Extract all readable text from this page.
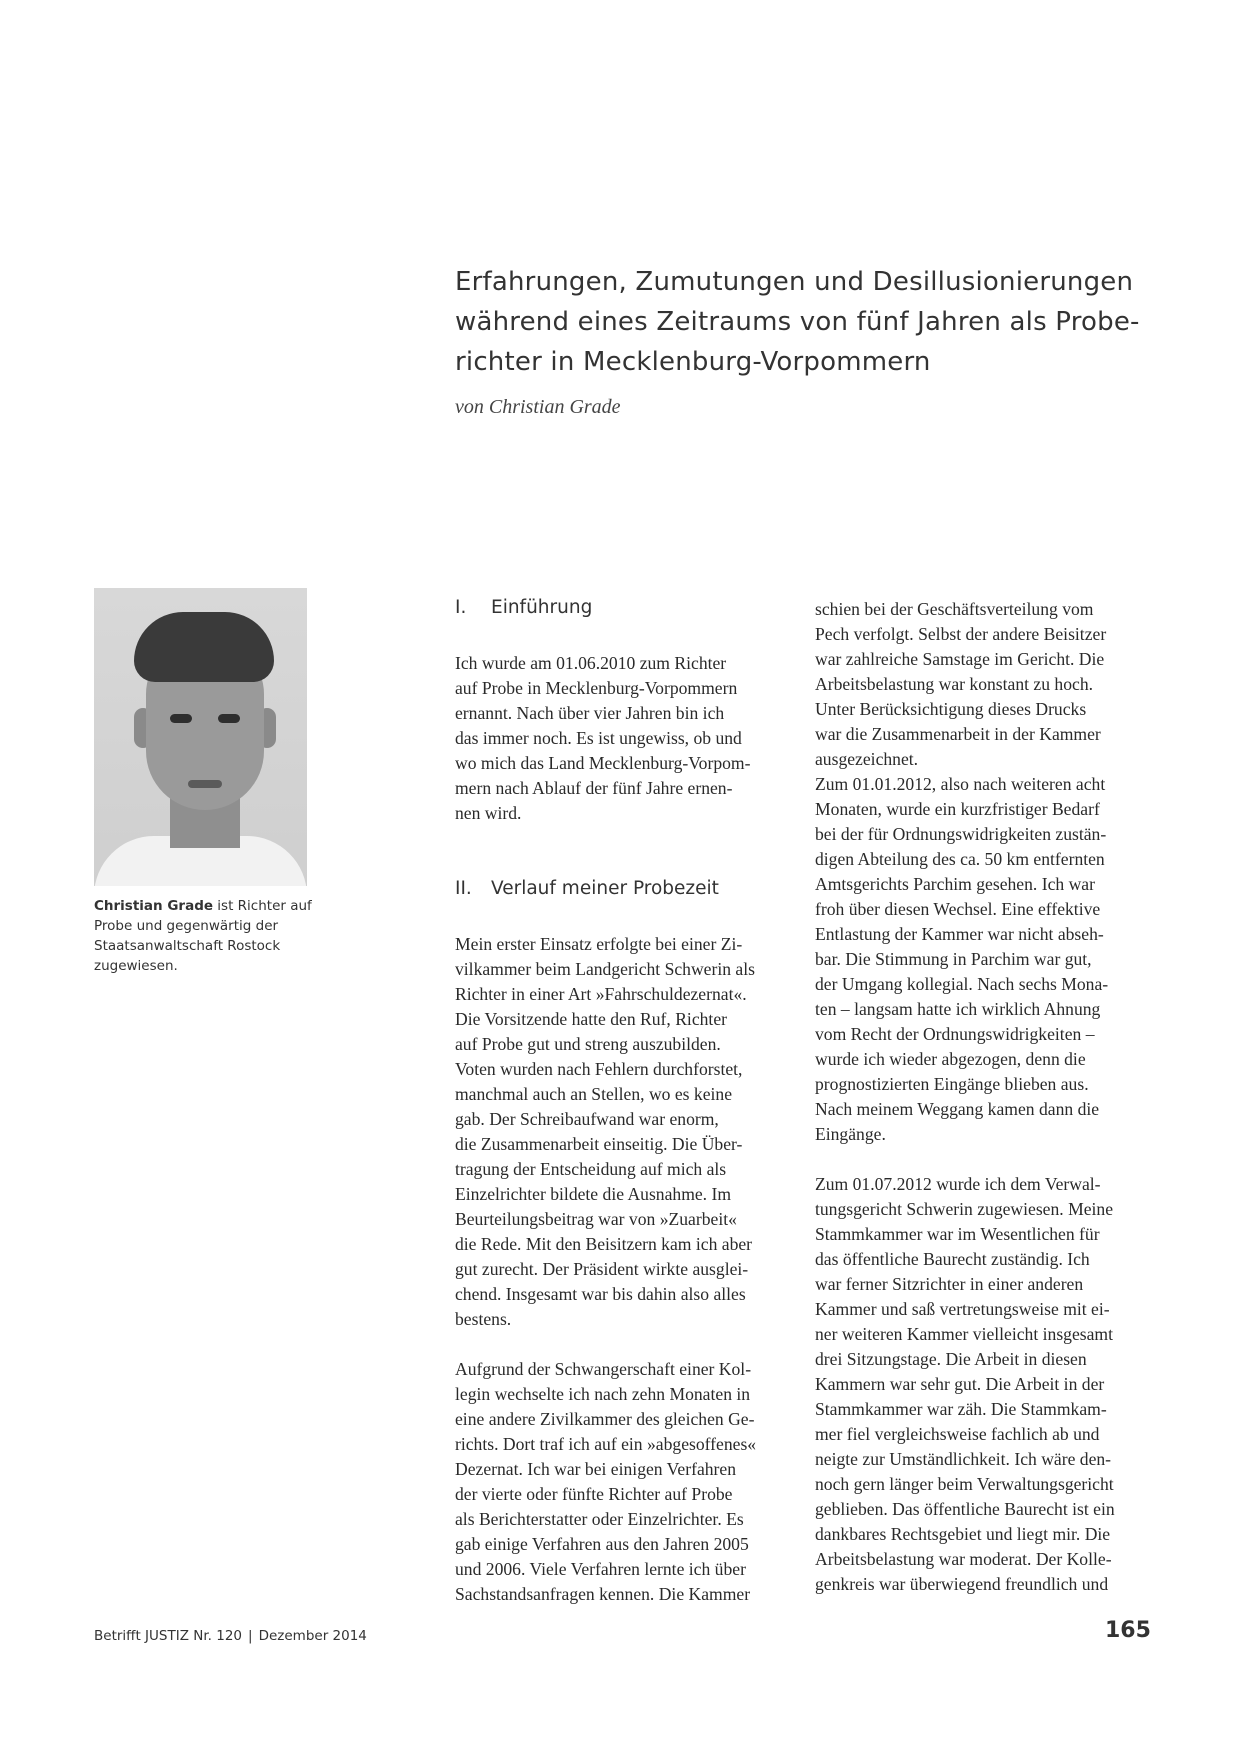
Erfahrungen, Zumutungen und Desillusionierungen
während eines Zeitraums von fünf Jahren als Probe-
richter in Mecklenburg-Vorpommern
von Christian Grade
Christian Grade ist Richter auf
Probe und gegenwärtig der
Staatsanwaltschaft Rostock
zugewiesen.
I. Einführung
Ich wurde am 01.06.2010 zum Richter
auf Probe in Mecklenburg-Vorpommern
ernannt. Nach über vier Jahren bin ich
das immer noch. Es ist ungewiss, ob und
wo mich das Land Mecklenburg-Vorpom-
mern nach Ablauf der fünf Jahre ernen-
nen wird.
II. Verlauf meiner Probezeit
Mein erster Einsatz erfolgte bei einer Zi-
vilkammer beim Landgericht Schwerin als
Richter in einer Art »Fahrschuldezernat«.
Die Vorsitzende hatte den Ruf, Richter
auf Probe gut und streng auszubilden.
Voten wurden nach Fehlern durchforstet,
manchmal auch an Stellen, wo es keine
gab. Der Schreibaufwand war enorm,
die Zusammenarbeit einseitig. Die Über-
tragung der Entscheidung auf mich als
Einzelrichter bildete die Ausnahme. Im
Beurteilungsbeitrag war von »Zuarbeit«
die Rede. Mit den Beisitzern kam ich aber
gut zurecht. Der Präsident wirkte ausglei-
chend. Insgesamt war bis dahin also alles
bestens.
Aufgrund der Schwangerschaft einer Kol-
legin wechselte ich nach zehn Monaten in
eine andere Zivilkammer des gleichen Ge-
richts. Dort traf ich auf ein »abgesoffenes«
Dezernat. Ich war bei einigen Verfahren
der vierte oder fünfte Richter auf Probe
als Berichterstatter oder Einzelrichter. Es
gab einige Verfahren aus den Jahren 2005
und 2006. Viele Verfahren lernte ich über
Sachstandsanfragen kennen. Die Kammer
schien bei der Geschäftsverteilung vom
Pech verfolgt. Selbst der andere Beisitzer
war zahlreiche Samstage im Gericht. Die
Arbeitsbelastung war konstant zu hoch.
Unter Berücksichtigung dieses Drucks
war die Zusammenarbeit in der Kammer
ausgezeichnet.
Zum 01.01.2012, also nach weiteren acht
Monaten, wurde ein kurzfristiger Bedarf
bei der für Ordnungswidrigkeiten zustän-
digen Abteilung des ca. 50 km entfernten
Amtsgerichts Parchim gesehen. Ich war
froh über diesen Wechsel. Eine effektive
Entlastung der Kammer war nicht abseh-
bar. Die Stimmung in Parchim war gut,
der Umgang kollegial. Nach sechs Mona-
ten – langsam hatte ich wirklich Ahnung
vom Recht der Ordnungswidrigkeiten –
wurde ich wieder abgezogen, denn die
prognostizierten Eingänge blieben aus.
Nach meinem Weggang kamen dann die
Eingänge.
Zum 01.07.2012 wurde ich dem Verwal-
tungsgericht Schwerin zugewiesen. Meine
Stammkammer war im Wesentlichen für
das öffentliche Baurecht zuständig. Ich
war ferner Sitzrichter in einer anderen
Kammer und saß vertretungsweise mit ei-
ner weiteren Kammer vielleicht insgesamt
drei Sitzungstage. Die Arbeit in diesen
Kammern war sehr gut. Die Arbeit in der
Stammkammer war zäh. Die Stammkam-
mer fiel vergleichsweise fachlich ab und
neigte zur Umständlichkeit. Ich wäre den-
noch gern länger beim Verwaltungsgericht
geblieben. Das öffentliche Baurecht ist ein
dankbares Rechtsgebiet und liegt mir. Die
Arbeitsbelastung war moderat. Der Kolle-
genkreis war überwiegend freundlich und
Betrifft JUSTIZ Nr. 120 | Dezember 2014	165
